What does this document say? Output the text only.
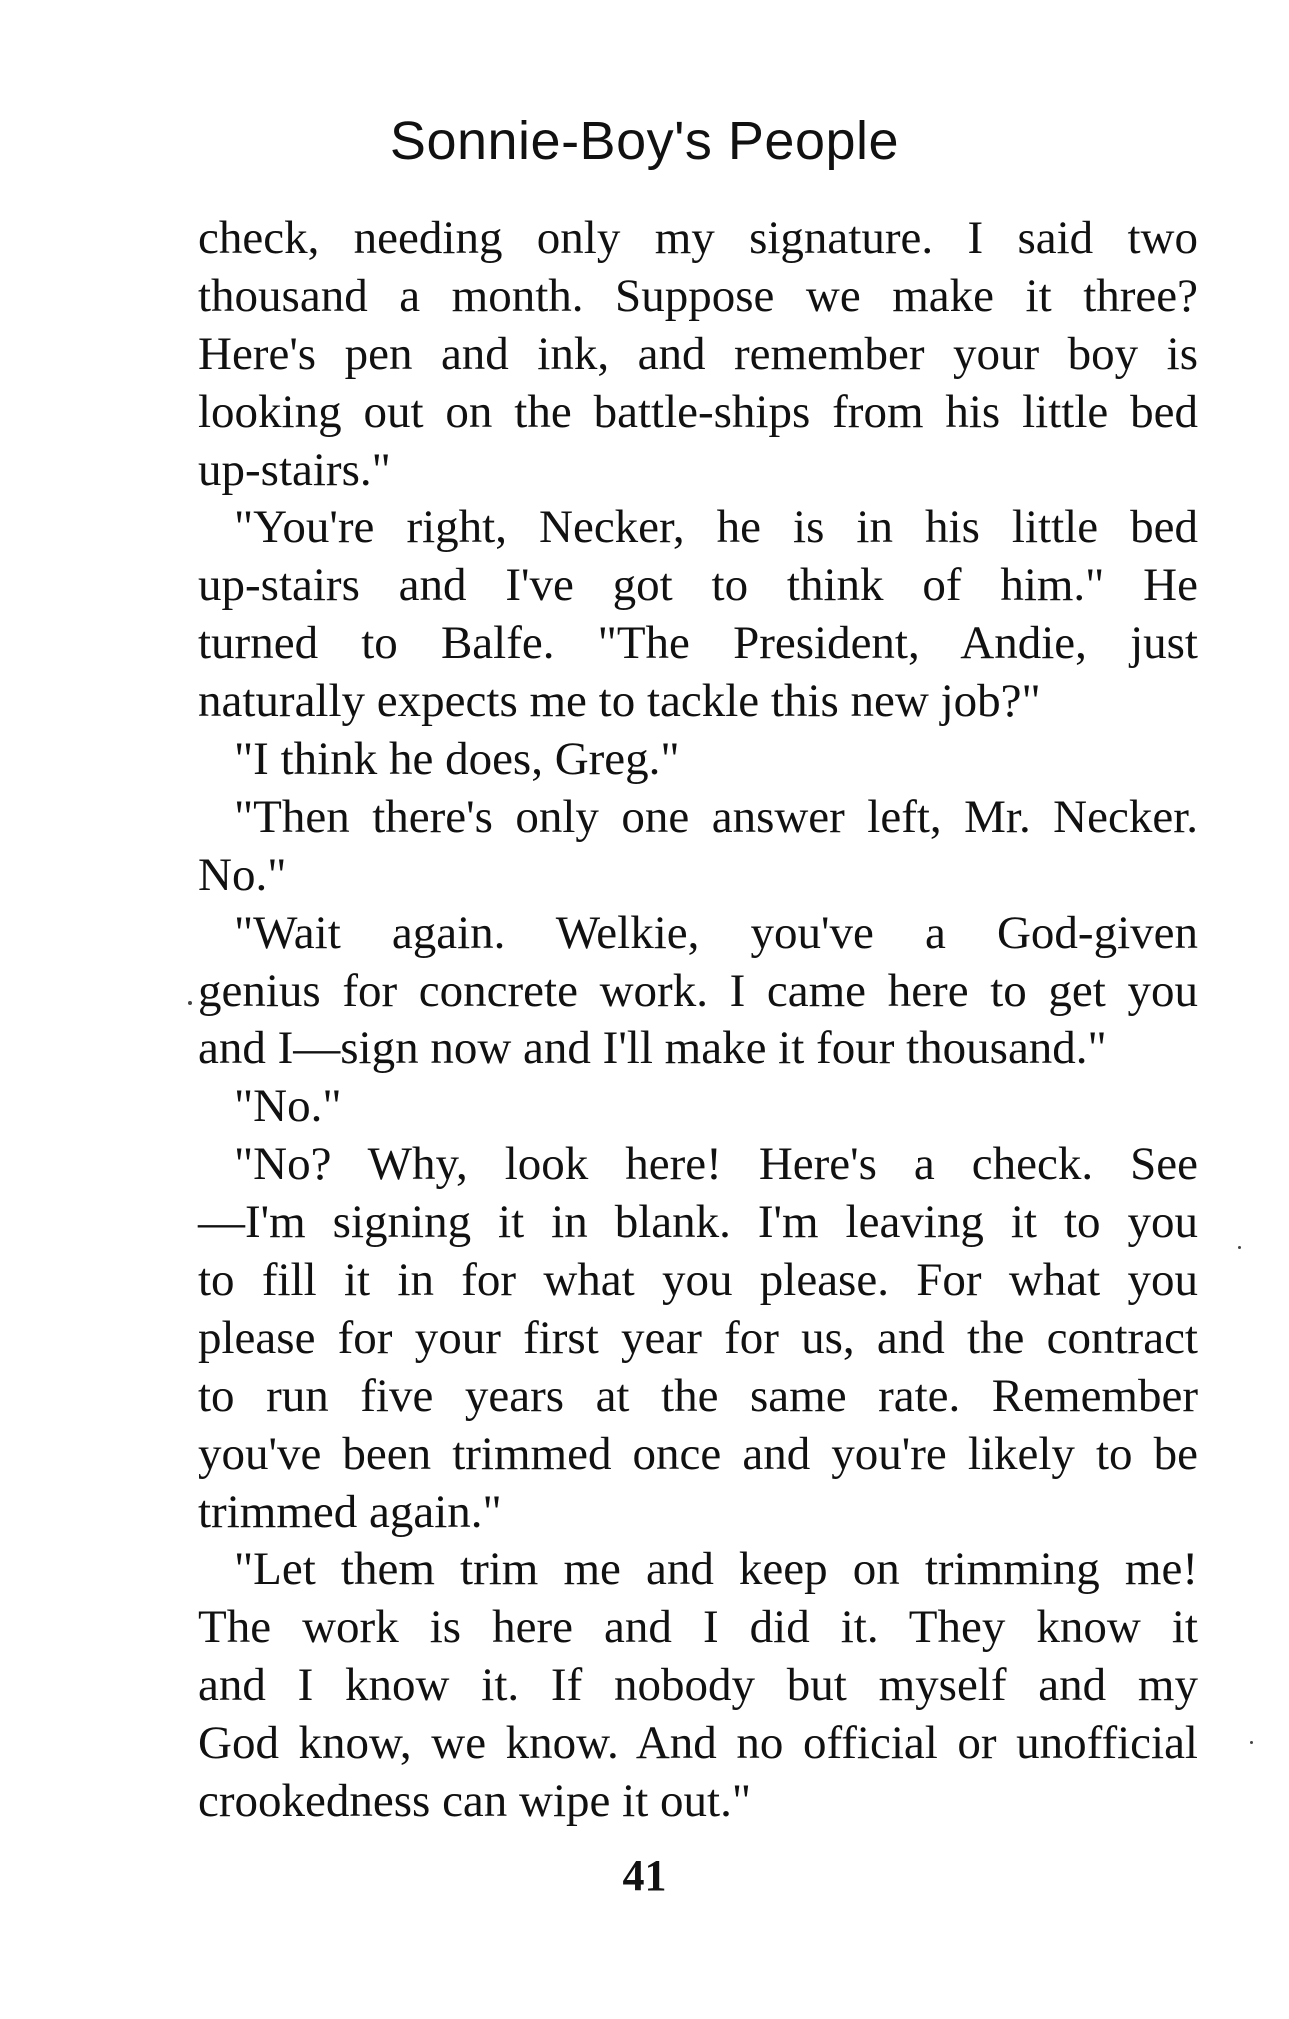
Sonnie-Boy's People
check, needing only my signature. I said two
thousand a month. Suppose we make it three?
Here's pen and ink, and remember your boy is
looking out on the battle-ships from his little bed
up-stairs."
"You're right, Necker, he is in his little bed
up-stairs and I've got to think of him." He
turned to Balfe. "The President, Andie, just
naturally expects me to tackle this new job?"
"I think he does, Greg."
"Then there's only one answer left, Mr. Necker.
No."
"Wait again. Welkie, you've a God-given
genius for concrete work. I came here to get you
and I—sign now and I'll make it four thousand."
"No."
"No? Why, look here! Here's a check. See
—I'm signing it in blank. I'm leaving it to you
to fill it in for what you please. For what you
please for your first year for us, and the contract
to run five years at the same rate. Remember
you've been trimmed once and you're likely to be
trimmed again."
"Let them trim me and keep on trimming me!
The work is here and I did it. They know it
and I know it. If nobody but myself and my
God know, we know. And no official or unofficial
crookedness can wipe it out."
41
